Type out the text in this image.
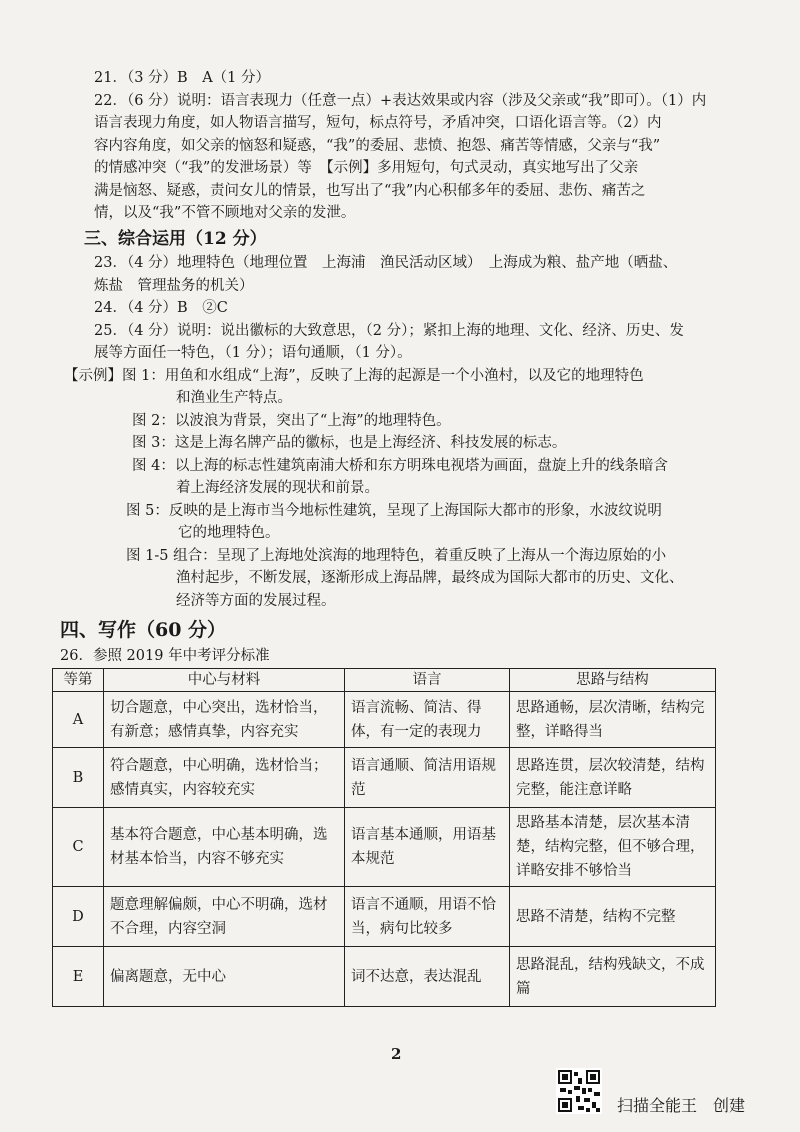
21．（3 分）B　A（1 分）
22．（6 分）说明：语言表现力（任意一点）+表达效果或内容（涉及父亲或“我”即可）。（1）内
语言表现力角度，如人物语言描写，短句，标点符号，矛盾冲突，口语化语言等。（2）内
容内容角度，如父亲的恼怒和疑惑，“我”的委屈、悲愤、抱怨、痛苦等情感，父亲与“我”
的情感冲突（“我”的发泄场景）等　【示例】多用短句，句式灵动，真实地写出了父亲
满是恼怒、疑惑，责问女儿的情景，也写出了“我”内心积郁多年的委屈、悲伤、痛苦之
情，以及“我”不管不顾地对父亲的发泄。
三、综合运用（12 分）
23．（4 分）地理特色（地理位置　上海浦　渔民活动区域）　上海成为粮、盐产地（晒盐、
炼盐　管理盐务的机关）
24．（4 分）B　②C
25．（4 分）说明：说出徽标的大致意思，（2 分）；紧扣上海的地理、文化、经济、历史、发
展等方面任一特色，（1 分）；语句通顺，（1 分）。
【示例】图 1：用鱼和水组成“上海”，反映了上海的起源是一个小渔村，以及它的地理特色
和渔业生产特点。
图 2：以波浪为背景，突出了“上海”的地理特色。
图 3：这是上海名牌产品的徽标，也是上海经济、科技发展的标志。
图 4：以上海的标志性建筑南浦大桥和东方明珠电视塔为画面，盘旋上升的线条暗含
着上海经济发展的现状和前景。
图 5：反映的是上海市当今地标性建筑，呈现了上海国际大都市的形象，水波纹说明
它的地理特色。
图 1-5 组合：呈现了上海地处滨海的地理特色，着重反映了上海从一个海边原始的小
渔村起步，不断发展，逐渐形成上海品牌，最终成为国际大都市的历史、文化、
经济等方面的发展过程。
四、写作（60 分）
26．参照 2019 年中考评分标准
等第	中心与材料	语言	思路与结构
A	切合题意，中心突出，选材恰当，有新意；感情真挚，内容充实	语言流畅、简洁、得体，有一定的表现力	思路通畅，层次清晰，结构完整，详略得当
B	符合题意，中心明确，选材恰当；感情真实，内容较充实	语言通顺、简洁用语规范	思路连贯，层次较清楚，结构完整，能注意详略
C	基本符合题意，中心基本明确，选材基本恰当，内容不够充实	语言基本通顺，用语基本规范	思路基本清楚，层次基本清楚，结构完整，但不够合理，详略安排不够恰当
D	题意理解偏颇，中心不明确，选材不合理，内容空洞	语言不通顺，用语不恰当，病句比较多	思路不清楚，结构不完整
E	偏离题意，无中心	词不达意，表达混乱	思路混乱，结构残缺文，不成篇
2
扫描全能王　创建
